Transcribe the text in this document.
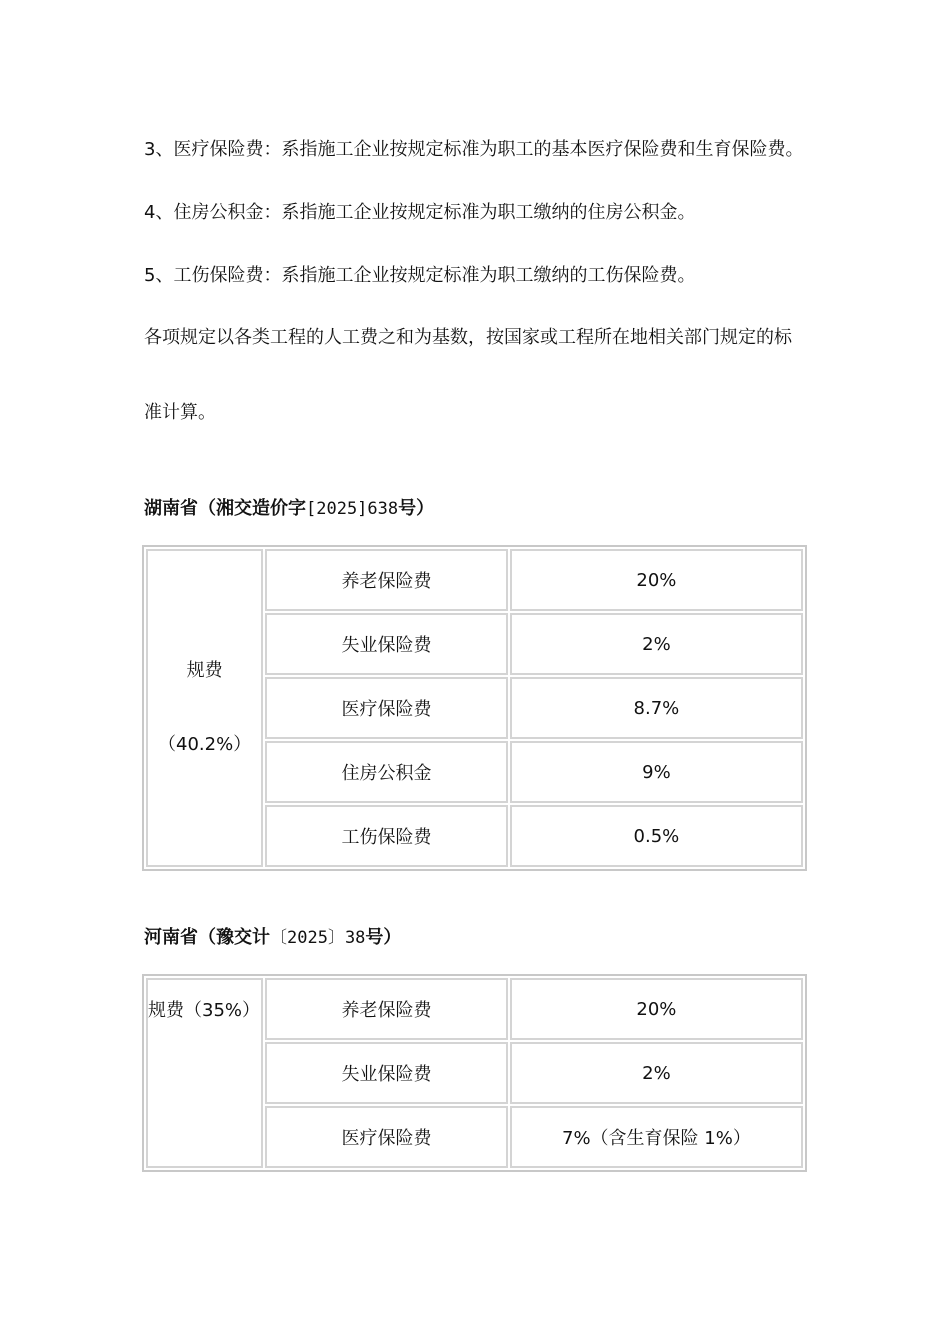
3、医疗保险费：系指施工企业按规定标准为职工的基本医疗保险费和生育保险费。

4、住房公积金：系指施工企业按规定标准为职工缴纳的住房公积金。

5、工伤保险费：系指施工企业按规定标准为职工缴纳的工伤保险费。

各项规定以各类工程的人工费之和为基数，按国家或工程所在地相关部门规定的标

准计算。

湖南省（湘交造价字[2025]638号）
规费
（40.2%）	养老保险费	20%
	失业保险费	2%
	医疗保险费	8.7%
	住房公积金	9%
	工伤保险费	0.5%
河南省（豫交计〔2025〕38号）
规费（35%）	养老保险费	20%
	失业保险费	2%
	医疗保险费	7%（含生育保险 1%）
